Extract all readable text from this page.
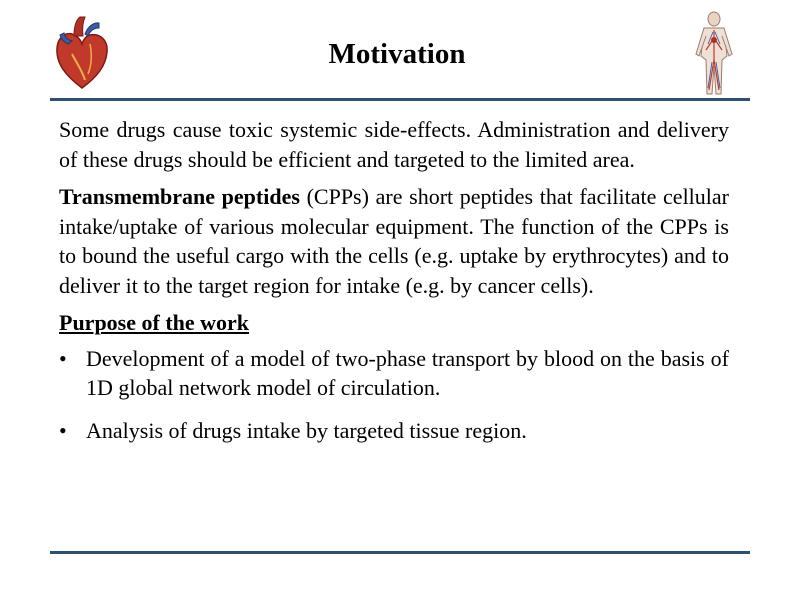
Motivation

Some drugs cause toxic systemic side-effects. Administration and delivery of these drugs should be efficient and targeted to the limited area.

Transmembrane peptides (CPPs) are short peptides that facilitate cellular intake/uptake of various molecular equipment. The function of the CPPs is to bound the useful cargo with the cells (e.g. uptake by erythrocytes) and to deliver it to the target region for intake (e.g. by cancer cells).

Purpose of the work

• Development of a model of two-phase transport by blood on the basis of 1D global network model of circulation.
• Analysis of drugs intake by targeted tissue region.
